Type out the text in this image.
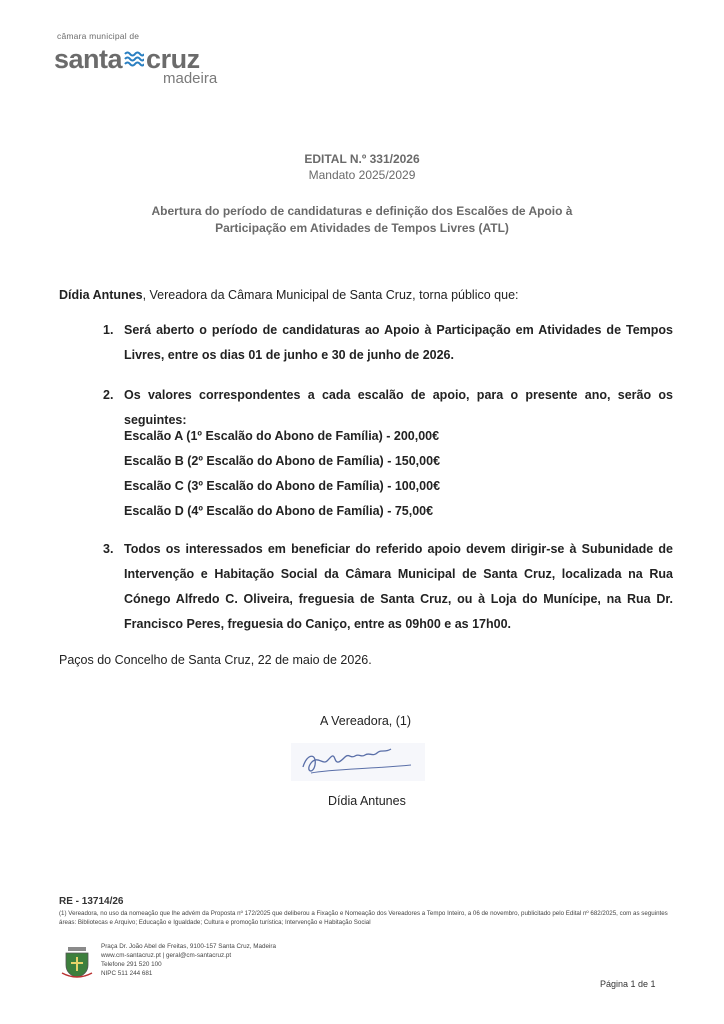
câmara municipal de
santa cruz
madeira
EDITAL N.º 331/2026
Mandato 2025/2029
Abertura do período de candidaturas e definição dos Escalões de Apoio à
Participação em Atividades de Tempos Livres (ATL)
Dídia Antunes, Vereadora da Câmara Municipal de Santa Cruz, torna público que:
1. Será aberto o período de candidaturas ao Apoio à Participação em Atividades de Tempos Livres, entre os dias 01 de junho e 30 de junho de 2026.
2. Os valores correspondentes a cada escalão de apoio, para o presente ano, serão os seguintes:
Escalão A (1º Escalão do Abono de Família) - 200,00€
Escalão B (2º Escalão do Abono de Família) - 150,00€
Escalão C (3º Escalão do Abono de Família) - 100,00€
Escalão D (4º Escalão do Abono de Família) - 75,00€
3. Todos os interessados em beneficiar do referido apoio devem dirigir-se à Subunidade de Intervenção e Habitação Social da Câmara Municipal de Santa Cruz, localizada na Rua Cónego Alfredo C. Oliveira, freguesia de Santa Cruz, ou à Loja do Munícipe, na Rua Dr. Francisco Peres, freguesia do Caniço, entre as 09h00 e as 17h00.
Paços do Concelho de Santa Cruz, 22 de maio de 2026.
A Vereadora, (1)
Dídia Antunes
RE - 13714/26
(1) Vereadora, no uso da nomeação que lhe advém da Proposta nº 172/2025 que deliberou a Fixação e Nomeação dos Vereadores a Tempo Inteiro, a 06 de novembro, publicitado pelo Edital nº 682/2025, com as seguintes áreas: Bibliotecas e Arquivo; Educação e Igualdade; Cultura e promoção turística; Intervenção e Habitação Social
Praça Dr. João Abel de Freitas, 9100-157 Santa Cruz, Madeira
www.cm-santacruz.pt | geral@cm-santacruz.pt
Telefone 291 520 100
NIPC 511 244 681
Página 1 de 1
